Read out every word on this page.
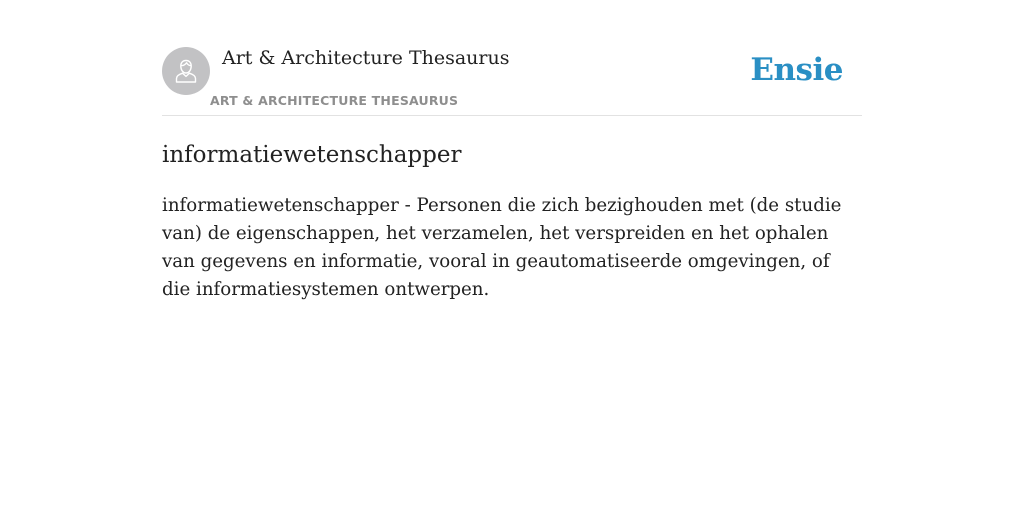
Art & Architecture Thesaurus
ART & ARCHITECTURE THESAURUS
Ensie
informatiewetenschapper

informatiewetenschapper - Personen die zich bezighouden met (de studie van) de eigenschappen, het verzamelen, het verspreiden en het ophalen van gegevens en informatie, vooral in geautomatiseerde omgevingen, of die informatiesystemen ontwerpen.
